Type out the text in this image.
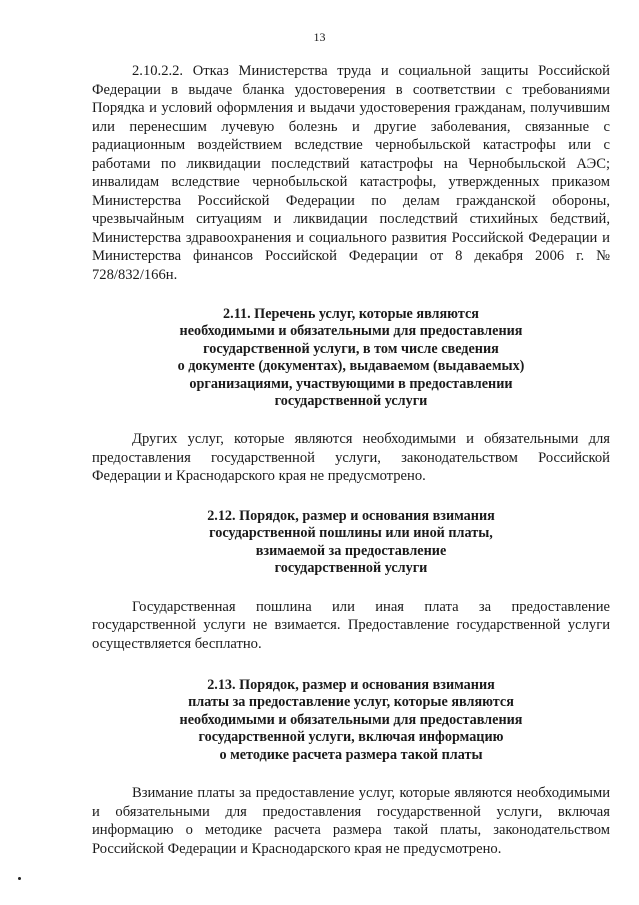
13

2.10.2.2. Отказ Министерства труда и социальной защиты Российской Федерации в выдаче бланка удостоверения в соответствии с требованиями Порядка и условий оформления и выдачи удостоверения гражданам, получившим или перенесшим лучевую болезнь и другие заболевания, связанные с радиационным воздействием вследствие чернобыльской катастрофы или с работами по ликвидации последствий катастрофы на Чернобыльской АЭС; инвалидам вследствие чернобыльской катастрофы, утвержденных приказом Министерства Российской Федерации по делам гражданской обороны, чрезвычайным ситуациям и ликвидации последствий стихийных бедствий, Министерства здравоохранения и социального развития Российской Федерации и Министерства финансов Российской Федерации от 8 декабря 2006 г. № 728/832/166н.

2.11. Перечень услуг, которые являются
необходимыми и обязательными для предоставления
государственной услуги, в том числе сведения
о документе (документах), выдаваемом (выдаваемых)
организациями, участвующими в предоставлении
государственной услуги

Других услуг, которые являются необходимыми и обязательными для предоставления государственной услуги, законодательством Российской Федерации и Краснодарского края не предусмотрено.

2.12. Порядок, размер и основания взимания
государственной пошлины или иной платы,
взимаемой за предоставление
государственной услуги

Государственная пошлина или иная плата за предоставление государственной услуги не взимается. Предоставление государственной услуги осуществляется бесплатно.

2.13. Порядок, размер и основания взимания
платы за предоставление услуг, которые являются
необходимыми и обязательными для предоставления
государственной услуги, включая информацию
о методике расчета размера такой платы

Взимание платы за предоставление услуг, которые являются необходимыми и обязательными для предоставления государственной услуги, включая информацию о методике расчета размера такой платы, законодательством Российской Федерации и Краснодарского края не предусмотрено.
